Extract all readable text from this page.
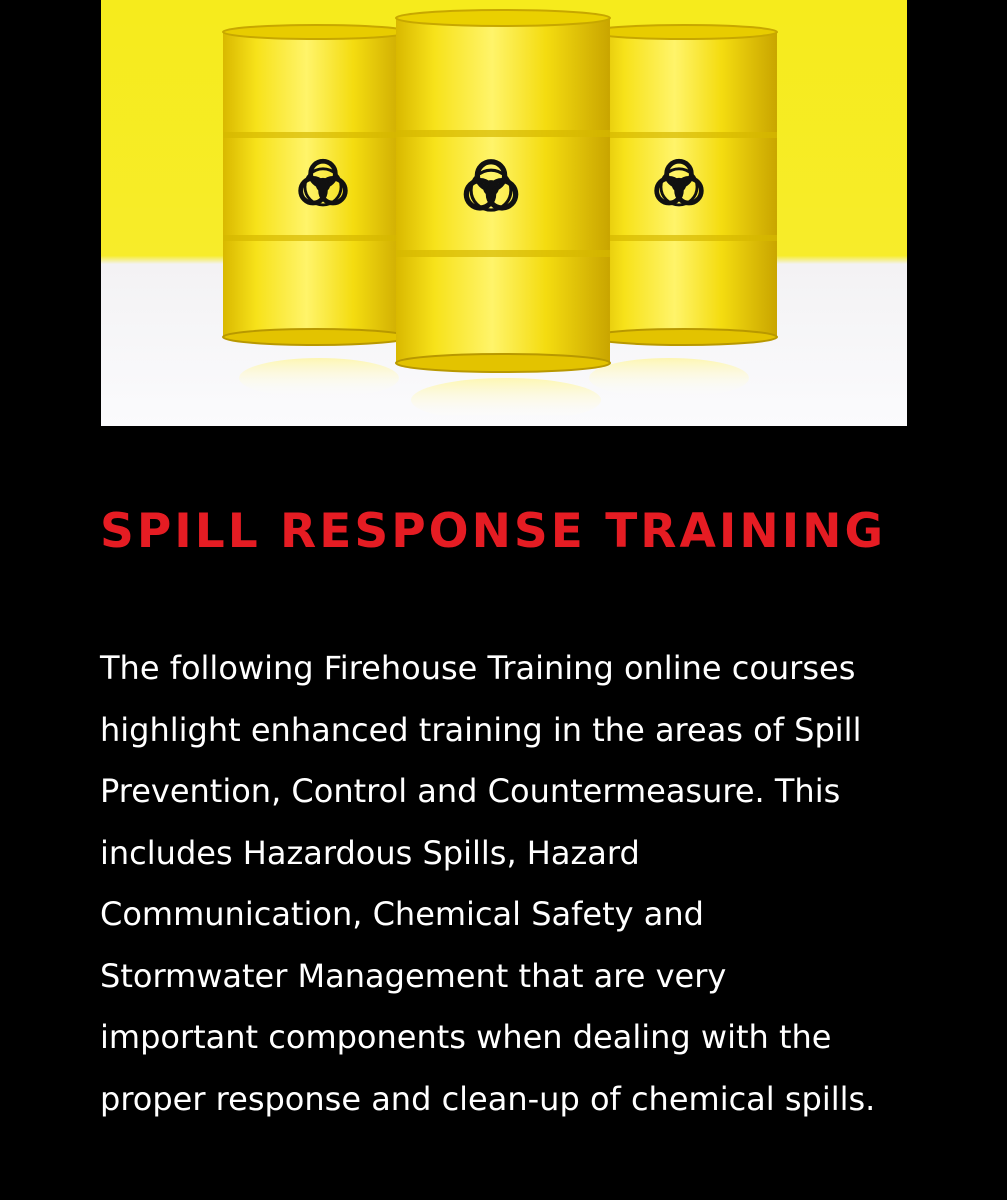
SPILL RESPONSE TRAINING

The following Firehouse Training online courses highlight enhanced training in the areas of Spill Prevention, Control and Countermeasure. This includes Hazardous Spills, Hazard Communication, Chemical Safety and Stormwater Management that are very important components when dealing with the proper response and clean-up of chemical spills.
